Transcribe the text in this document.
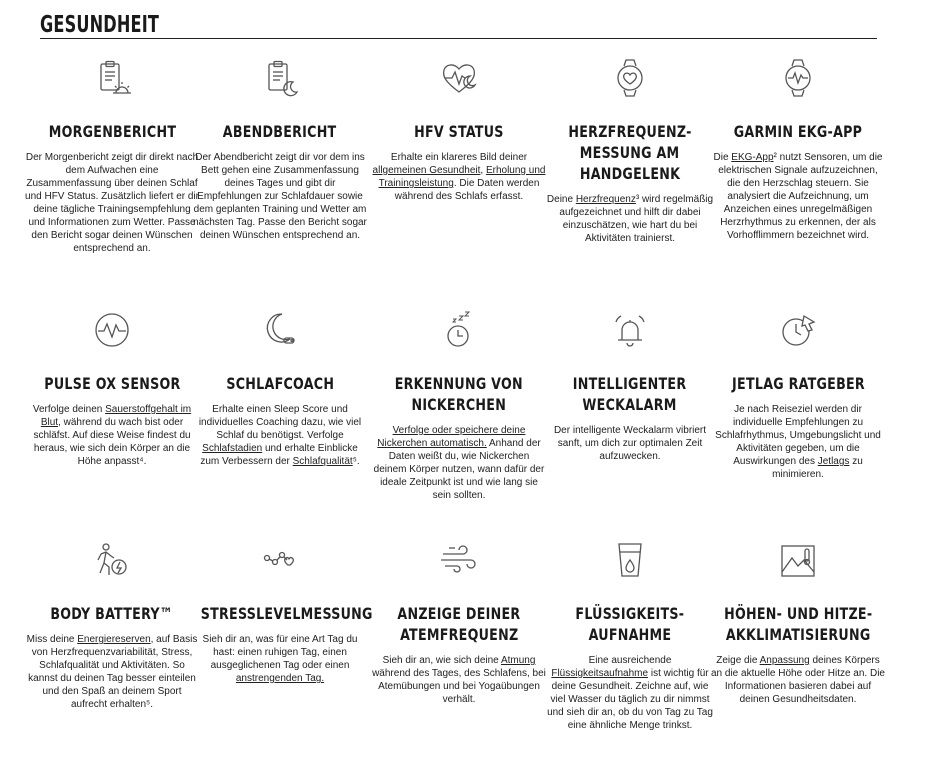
GESUNDHEIT
MORGENBERICHT

Der Morgenbericht zeigt dir direkt nach dem Aufwachen eine Zusammenfassung über deinen Schlaf und HFV Status. Zusätzlich liefert er dir deine tägliche Trainingsempfehlung und Informationen zum Wetter. Passe den Bericht sogar deinen Wünschen entsprechend an.

ABENDBERICHT

Der Abendbericht zeigt dir vor dem ins Bett gehen eine Zusammenfassung deines Tages und gibt dir Empfehlungen zur Schlafdauer sowie dem geplanten Training und Wetter am nächsten Tag. Passe den Bericht sogar deinen Wünschen entsprechend an.

HFV STATUS

Erhalte ein klareres Bild deiner allgemeinen Gesundheit, Erholung und Trainingsleistung. Die Daten werden während des Schlafs erfasst.

HERZFREQUENZ-
MESSUNG AM
HANDGELENK

Deine Herzfrequenz³ wird regelmäßig aufgezeichnet und hilft dir dabei einzuschätzen, wie hart du bei Aktivitäten trainierst.

GARMIN EKG-APP

Die EKG-App² nutzt Sensoren, um die elektrischen Signale aufzuzeichnen, die den Herzschlag steuern. Sie analysiert die Aufzeichnung, um Anzeichen eines unregelmäßigen Herzrhythmus zu erkennen, der als Vorhofflimmern bezeichnet wird.

PULSE OX SENSOR

Verfolge deinen Sauerstoffgehalt im Blut, während du wach bist oder schläfst. Auf diese Weise findest du heraus, wie sich dein Körper an die Höhe anpasst⁴.

SCHLAFCOACH

Erhalte einen Sleep Score und individuelles Coaching dazu, wie viel Schlaf du benötigst. Verfolge Schlafstadien und erhalte Einblicke zum Verbessern der Schlafqualität⁵.

ERKENNUNG VON
NICKERCHEN

Verfolge oder speichere deine Nickerchen automatisch. Anhand der Daten weißt du, wie Nickerchen deinem Körper nutzen, wann dafür der ideale Zeitpunkt ist und wie lang sie sein sollten.

INTELLIGENTER
WECKALARM

Der intelligente Weckalarm vibriert sanft, um dich zur optimalen Zeit aufzuwecken.

JETLAG RATGEBER

Je nach Reiseziel werden dir individuelle Empfehlungen zu Schlafrhythmus, Umgebungslicht und Aktivitäten gegeben, um die Auswirkungen des Jetlags zu minimieren.

BODY BATTERY™

Miss deine Energiereserven, auf Basis von Herzfrequenzvariabilität, Stress, Schlafqualität und Aktivitäten. So kannst du deinen Tag besser einteilen und den Spaß an deinem Sport aufrecht erhalten⁵.

STRESSLEVELMESSUNG

Sieh dir an, was für eine Art Tag du hast: einen ruhigen Tag, einen ausgeglichenen Tag oder einen anstrengenden Tag.

ANZEIGE DEINER
ATEMFREQUENZ

Sieh dir an, wie sich deine Atmung während des Tages, des Schlafens, bei Atemübungen und bei Yogaübungen verhält.

FLÜSSIGKEITS-
AUFNAHME

Eine ausreichende Flüssigkeitsaufnahme ist wichtig für deine Gesundheit. Zeichne auf, wie viel Wasser du täglich zu dir nimmst und sieh dir an, ob du von Tag zu Tag eine ähnliche Menge trinkst.

HÖHEN- UND HITZE-
AKKLIMATISIERUNG

Zeige die Anpassung deines Körpers an die aktuelle Höhe oder Hitze an. Die Informationen basieren dabei auf deinen Gesundheitsdaten.
